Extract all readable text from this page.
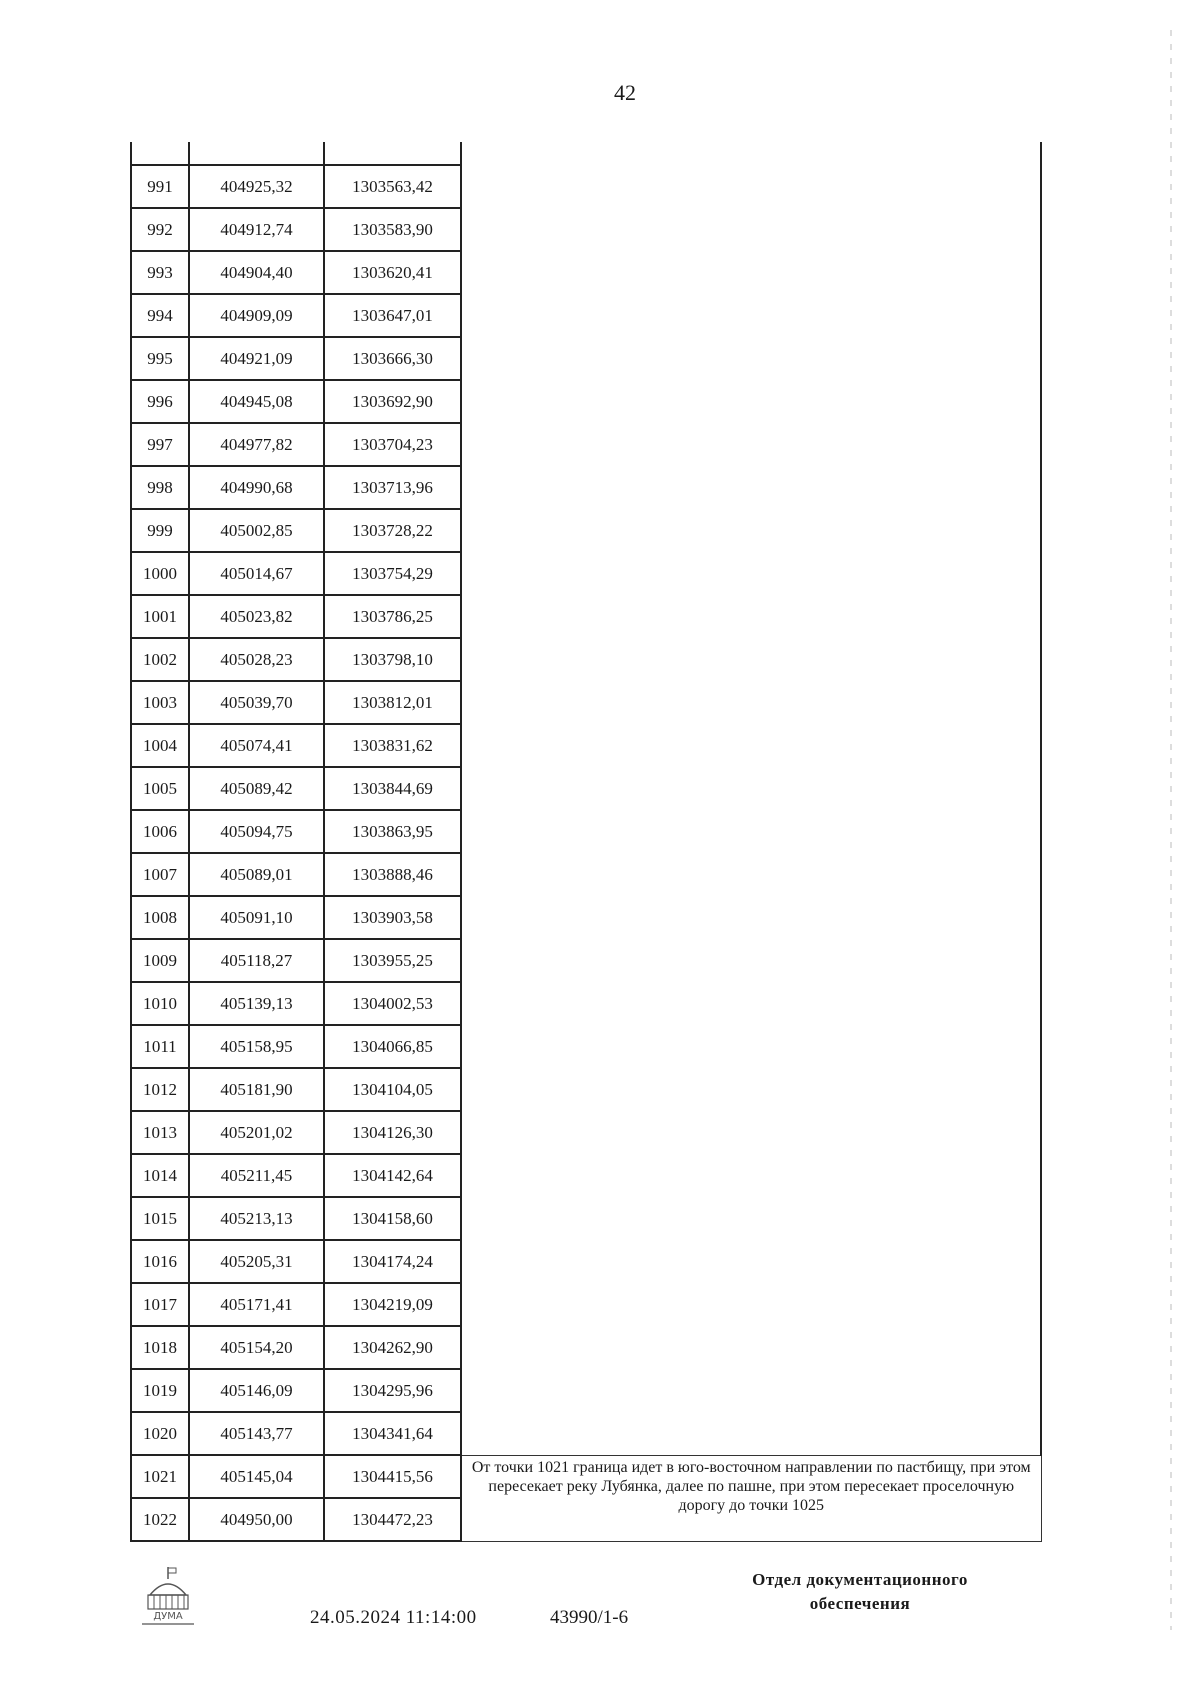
42

991	404925,32	1303563,42	
992	404912,74	1303583,90	
993	404904,40	1303620,41	
994	404909,09	1303647,01	
995	404921,09	1303666,30	
996	404945,08	1303692,90	
997	404977,82	1303704,23	
998	404990,68	1303713,96	
999	405002,85	1303728,22	
1000	405014,67	1303754,29	
1001	405023,82	1303786,25	
1002	405028,23	1303798,10	
1003	405039,70	1303812,01	
1004	405074,41	1303831,62	
1005	405089,42	1303844,69	
1006	405094,75	1303863,95	
1007	405089,01	1303888,46	
1008	405091,10	1303903,58	
1009	405118,27	1303955,25	
1010	405139,13	1304002,53	
1011	405158,95	1304066,85	
1012	405181,90	1304104,05	
1013	405201,02	1304126,30	
1014	405211,45	1304142,64	
1015	405213,13	1304158,60	
1016	405205,31	1304174,24	
1017	405171,41	1304219,09	
1018	405154,20	1304262,90	
1019	405146,09	1304295,96	
1020	405143,77	1304341,64	
1021	405145,04	1304415,56	От точки 1021 граница идет в юго-восточном направлении по пастбищу, при этом пересекает реку Лубянка, далее по пашне, при этом пересекает проселочную дорогу до точки 1025
1022	404950,00	1304472,23	
ДУМА	24.05.2024 11:14:00	43990/1-6
Отдел документационного обеспечения
